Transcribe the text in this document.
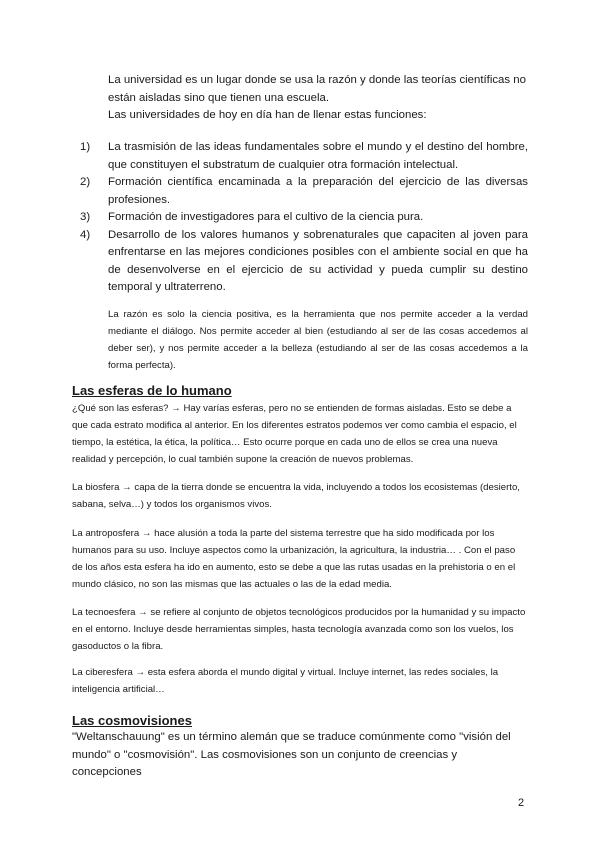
La universidad es un lugar donde se usa la razón y donde las teorías científicas no están aisladas sino que tienen una escuela.

Las universidades de hoy en día han de llenar estas funciones:

1) La trasmisión de las ideas fundamentales sobre el mundo y el destino del hombre, que constituyen el substratum de cualquier otra formación intelectual.
2) Formación científica encaminada a la preparación del ejercicio de las diversas profesiones.
3) Formación de investigadores para el cultivo de la ciencia pura.
4) Desarrollo de los valores humanos y sobrenaturales que capaciten al joven para enfrentarse en las mejores condiciones posibles con el ambiente social en que ha de desenvolverse en el ejercicio de su actividad y pueda cumplir su destino temporal y ultraterreno.

La razón es solo la ciencia positiva, es la herramienta que nos permite acceder a la verdad mediante el diálogo. Nos permite acceder al bien (estudiando al ser de las cosas accedemos al deber ser), y nos permite acceder a la belleza (estudiando al ser de las cosas accedemos a la forma perfecta).

Las esferas de lo humano

¿Qué son las esferas? → Hay varías esferas, pero no se entienden de formas aisladas. Esto se debe a que cada estrato modifica al anterior. En los diferentes estratos podemos ver como cambia el espacio, el tiempo, la estética, la ética, la política… Esto ocurre porque en cada uno de ellos se crea una nueva realidad y percepción, lo cual también supone la creación de nuevos problemas.

La biosfera → capa de la tierra donde se encuentra la vida, incluyendo a todos los ecosistemas (desierto, sabana, selva…) y todos los organismos vivos.

La antroposfera → hace alusión a toda la parte del sistema terrestre que ha sido modificada por los humanos para su uso. Incluye aspectos como la urbanización, la agricultura, la industria… . Con el paso de los años esta esfera ha ido en aumento, esto se debe a que las rutas usadas en la prehistoria o en el mundo clásico, no son las mismas que las actuales o las de la edad media.

La tecnoesfera → se refiere al conjunto de objetos tecnológicos producidos por la humanidad y su impacto en el entorno. Incluye desde herramientas simples, hasta tecnología avanzada como son los vuelos, los gasoductos o la fibra.

La ciberesfera → esta esfera aborda el mundo digital y virtual. Incluye internet, las redes sociales, la inteligencia artificial…

Las cosmovisiones

"Weltanschauung" es un término alemán que se traduce comúnmente como "visión del mundo" o "cosmovisión". Las cosmovisiones son un conjunto de creencias y concepciones

2
